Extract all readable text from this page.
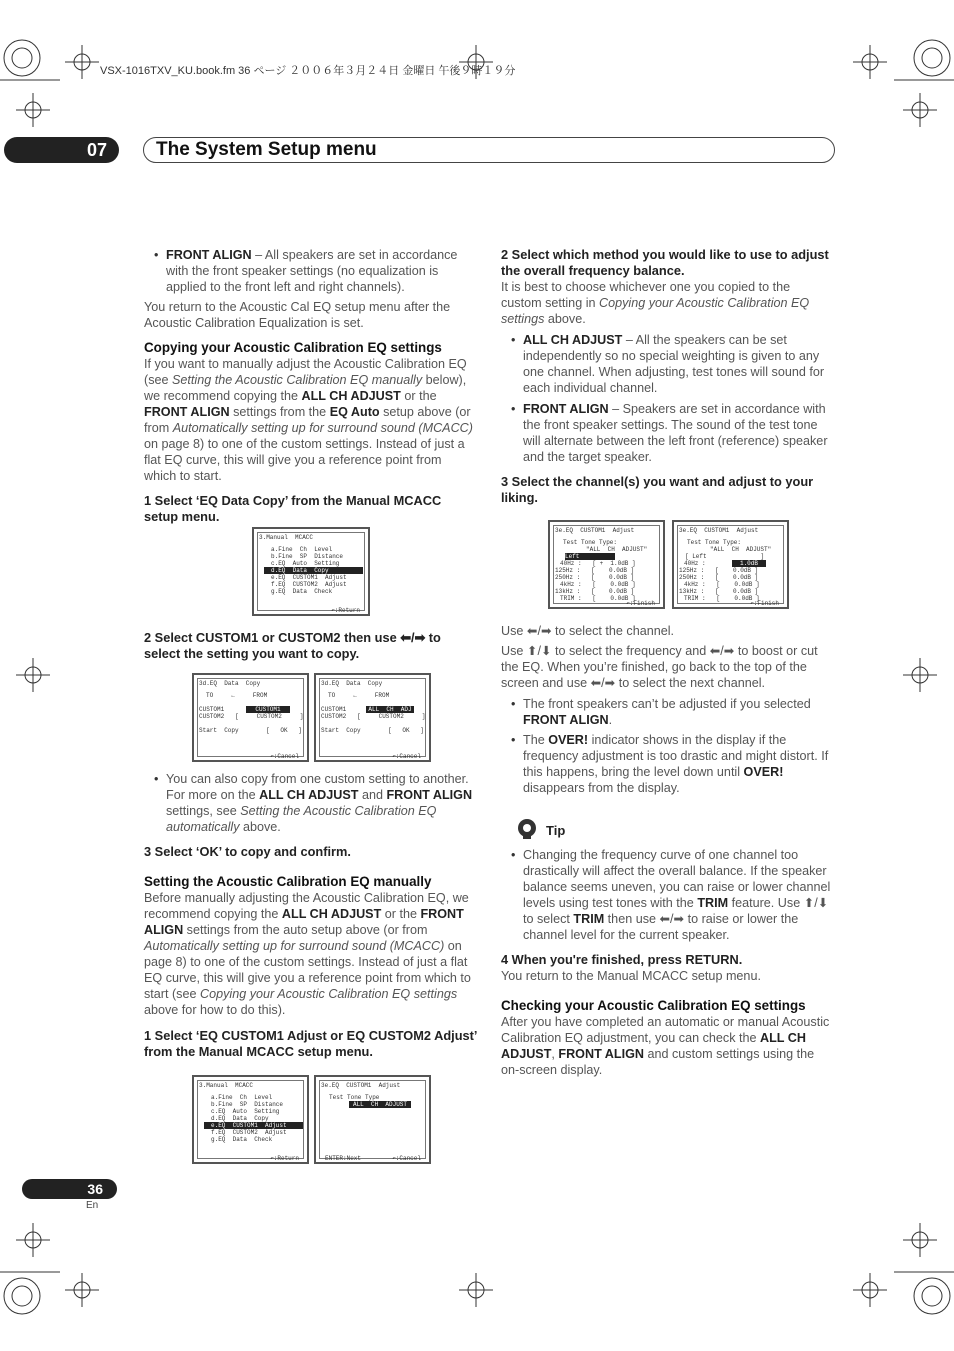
VSX-1016TXV_KU.book.fm 36 ページ ２００６年３月２４日 金曜日 午後９時１９分
07	The System Setup menu

• FRONT ALIGN – All speakers are set in accordance with the front speaker settings (no equalization is applied to the front left and right channels).

You return to the Acoustic Cal EQ setup menu after the Acoustic Calibration Equalization is set.

Copying your Acoustic Calibration EQ settings

If you want to manually adjust the Acoustic Calibration EQ (see Setting the Acoustic Calibration EQ manually below), we recommend copying the ALL CH ADJUST or the FRONT ALIGN settings from the EQ Auto setup above (or from Automatically setting up for surround sound (MCACC) on page 8) to one of the custom settings. Instead of just a flat EQ curve, this will give you a reference point from which to start.

1 Select ‘EQ Data Copy’ from the Manual MCACC setup menu.

3.Manual  MCACC
a.Fine  Ch  Level
b.Fine  SP  Distance
c.EQ  Auto  Setting
d.EQ  Data  Copy
e.EQ  CUSTOM1  Adjust
f.EQ  CUSTOM2  Adjust
g.EQ  Data  Check
↶:Return

2 Select CUSTOM1 or CUSTOM2 then use ⬅/➡ to select the setting you want to copy.

3d.EQ  Data  Copy
TO     ←     FROM
CUSTOM1	CUSTOM1
CUSTOM2   [     CUSTOM2     ]
Start  Copy	[   OK   ]
↶:Cancel
3d.EQ  Data  Copy
TO     ←     FROM
CUSTOM1	ALL  CH  ADJ
CUSTOM2   [     CUSTOM2     ]
Start  Copy	[   OK   ]
↶:Cancel

• You can also copy from one custom setting to another. For more on the ALL CH ADJUST and FRONT ALIGN settings, see Setting the Acoustic Calibration EQ automatically above.

3 Select ‘OK’ to copy and confirm.

Setting the Acoustic Calibration EQ manually

Before manually adjusting the Acoustic Calibration EQ, we recommend copying the ALL CH ADJUST or the FRONT ALIGN settings from the auto setup above (or from Automatically setting up for surround sound (MCACC) on page 8) to one of the custom settings. Instead of just a flat EQ curve, this will give you a reference point from which to start (see Copying your Acoustic Calibration EQ settings above for how to do this).

1 Select ‘EQ CUSTOM1 Adjust or EQ CUSTOM2 Adjust’ from the Manual MCACC setup menu.

3.Manual  MCACC
a.Fine  Ch  Level
b.Fine  SP  Distance
c.EQ  Auto  Setting
d.EQ  Data  Copy
e.EQ  CUSTOM1  Adjust
f.EQ  CUSTOM2  Adjust
g.EQ  Data  Check
↶:Return
3e.EQ  CUSTOM1  Adjust
Test Tone Type
ALL  CH  ADJUST
ENTER:Next	↶:Cancel

2 Select which method you would like to use to adjust the overall frequency balance.

It is best to choose whichever one you copied to the custom setting in Copying your Acoustic Calibration EQ settings above.

• ALL CH ADJUST – All the speakers can be set independently so no special weighting is given to any one channel. When adjusting, test tones will sound for each individual channel.

• FRONT ALIGN – Speakers are set in accordance with the front speaker settings. The sound of the test tone will alternate between the left front (reference) speaker and the target speaker.

3 Select the channel(s) you want and adjust to your liking.

3e.EQ  CUSTOM1  Adjust
Test Tone Type:
"ALL  CH  ADJUST"
Left
40Hz :   [ +  1.0dB ]
125Hz :   [    0.0dB ]
250Hz :   [    0.0dB ]
4kHz :   [    0.0dB ]
13kHz :   [    0.0dB ]
TRIM :   [    0.0dB ]
↶:Finish
3e.EQ  CUSTOM1  Adjust
Test Tone Type:
"ALL  CH  ADJUST"
[ Left               ]
40Hz :	1.0dB
125Hz :   [    0.0dB ]
250Hz :   [    0.0dB ]
4kHz :   [    0.0dB ]
13kHz :   [    0.0dB ]
TRIM :   [    0.0dB ]
↶:Finish

Use ⬅/➡ to select the channel.

Use ⬆/⬇ to select the frequency and ⬅/➡ to boost or cut the EQ. When you’re finished, go back to the top of the screen and use ⬅/➡ to select the next channel.

• The front speakers can’t be adjusted if you selected FRONT ALIGN.

• The OVER! indicator shows in the display if the frequency adjustment is too drastic and might distort. If this happens, bring the level down until OVER! disappears from the display.

Tip

• Changing the frequency curve of one channel too drastically will affect the overall balance. If the speaker balance seems uneven, you can raise or lower channel levels using test tones with the TRIM feature. Use ⬆/⬇ to select TRIM then use ⬅/➡ to raise or lower the channel level for the current speaker.

4 When you're finished, press RETURN.

You return to the Manual MCACC setup menu.

Checking your Acoustic Calibration EQ settings

After you have completed an automatic or manual Acoustic Calibration EQ adjustment, you can check the ALL CH ADJUST, FRONT ALIGN and custom settings using the on-screen display.

36
En
